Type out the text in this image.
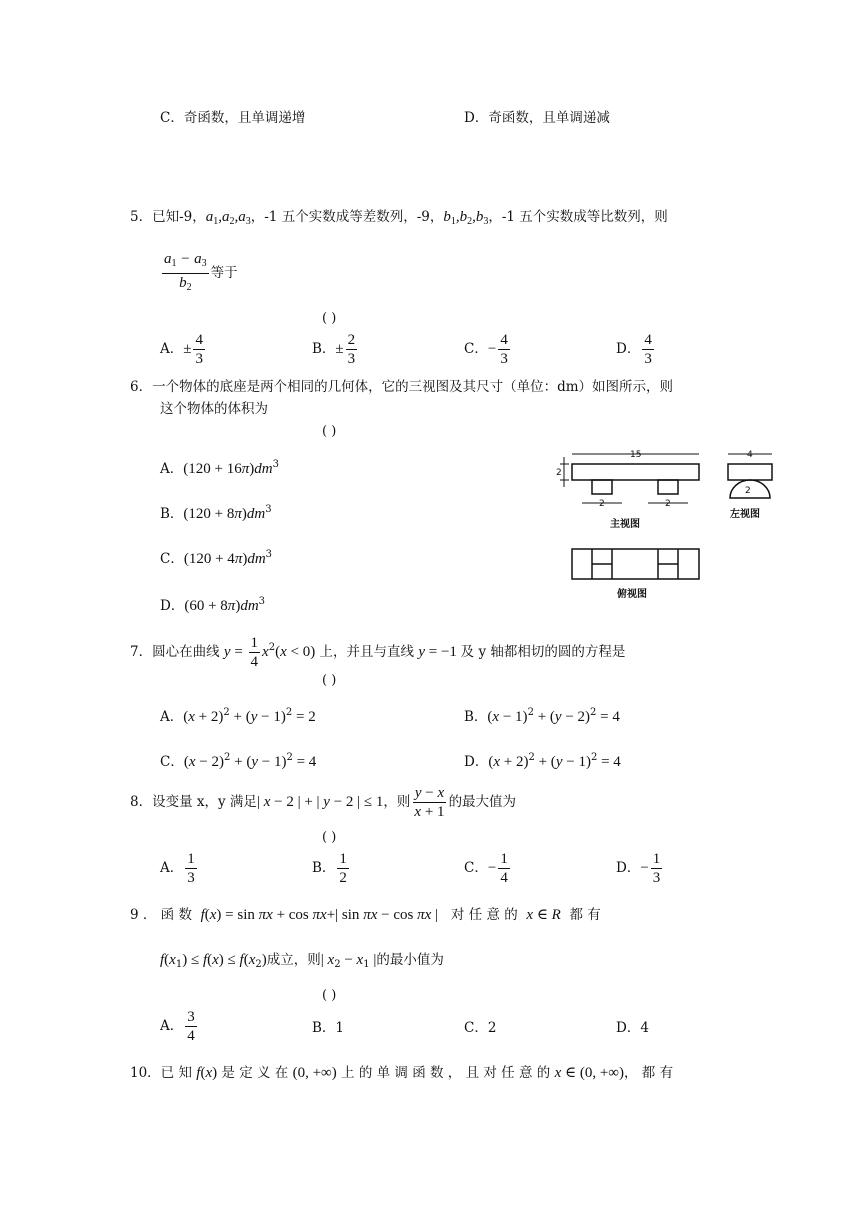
C．奇函数，且单调递增	D．奇函数，且单调递减
5．已知-9，$a_1,a_2,a_3$，-1 五个实数成等差数列，-9，$b_1,b_2,b_3$，-1 五个实数成等比数列，则
$\frac{a_1 - a_3}{b_2}$ 等于
( )
A．± $\frac{4}{3}$	B．± $\frac{2}{3}$	C．− $\frac{4}{3}$	D． $\frac{4}{3}$
6．一个物体的底座是两个相同的几何体，它的三视图及其尺寸（单位：dm）如图所示，则
这个物体的体积为
( )
A．$(120 + 16\pi)dm^3$
B．$(120 + 8\pi)dm^3$
C．$(120 + 4\pi)dm^3$
D．$(60 + 8\pi)dm^3$
15
2
2	2
4
2
主视图
左视图
俯视图
7．圆心在曲线 $y = \frac{1}{4} x^2(x < 0)$ 上，并且与直线 y = −1 及 y 轴都相切的圆的方程是
( )
A．$(x + 2)^2 + (y - 1)^2 = 2$	B．$(x - 1)^2 + (y - 2)^2 = 4$
C．$(x - 2)^2 + (y - 1)^2 = 4$	D．$(x + 2)^2 + (y - 1)^2 = 4$
8．设变量 x，y 满足| x − 2 | + | y − 2 | ≤ 1，则 $\frac{y - x}{x + 1}$ 的最大值为
( )
A． $\frac{1}{3}$	B． $\frac{1}{2}$	C．− $\frac{1}{4}$	D．− $\frac{1}{3}$
9 ． 函 数 f(x) = sin πx + cos πx+| sin πx − cos πx | 对 任 意 的 x ∈ R 都 有
$f(x_1) \le f(x) \le f(x_2)$成立，则| $x_2 - x_1$ |的最小值为
( )
A． $\frac{3}{4}$	B．1	C．2	D．4
10．已 知 f(x) 是 定 义 在 (0, +∞) 上 的 单 调 函 数 ， 且 对 任 意 的 x ∈ (0, +∞)， 都 有
